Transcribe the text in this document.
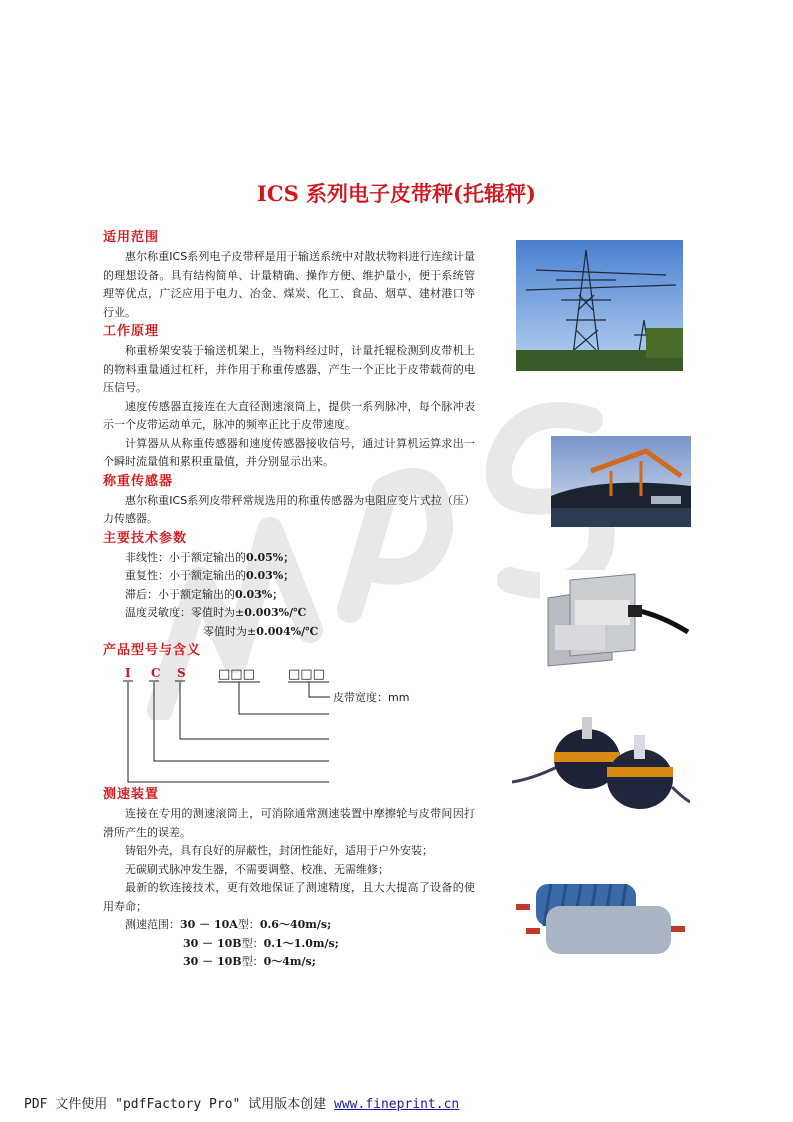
ICS 系列电子皮带秤(托辊秤)
适用范围

惠尔称重ICS系列电子皮带秤是用于输送系统中对散状物料进行连续计量的理想设备。具有结构简单、计量精确、操作方便、维护量小，便于系统管理等优点，广泛应用于电力、冶金、煤炭、化工、食品、烟草、建材港口等行业。

工作原理

称重桥架安装于输送机架上，当物料经过时，计量托辊检测到皮带机上的物料重量通过杠杆，并作用于称重传感器，产生一个正比于皮带载荷的电压信号。

速度传感器直接连在大直径测速滚筒上，提供一系列脉冲，每个脉冲表示一个皮带运动单元，脉冲的频率正比于皮带速度。

计算器从从称重传感器和速度传感器接收信号，通过计算机运算求出一个瞬时流量值和累积重量值，并分别显示出来。

称重传感器

惠尔称重ICS系列皮带秤常规选用的称重传感器为电阻应变片式拉（压）力传感器。

主要技术参数

非线性：小于额定输出的0.05%；

重复性：小于额定输出的0.03%；

滞后：小于额定输出的0.03%；

温度灵敏度：零值时为±0.003%/℃

零值时为±0.004%/℃

产品型号与含义
I C S □□□	□□□
皮带宽度：mm
测速装置

连接在专用的测速滚筒上，可消除通常测速装置中摩擦轮与皮带间因打滑所产生的误差。

铸铝外壳，具有良好的屏蔽性，封闭性能好，适用于户外安装；

无碳刷式脉冲发生器，不需要调整、校准、无需维修；

最新的软连接技术，更有效地保证了测速精度，且大大提高了设备的使用寿命；

测速范围：30 － 10A型：0.6～40m/s;

30 － 10B型：0.1～1.0m/s;

30 － 10B型：0～4m/s;

PDF 文件使用 "pdfFactory Pro" 试用版本创建 www.fineprint.cn
